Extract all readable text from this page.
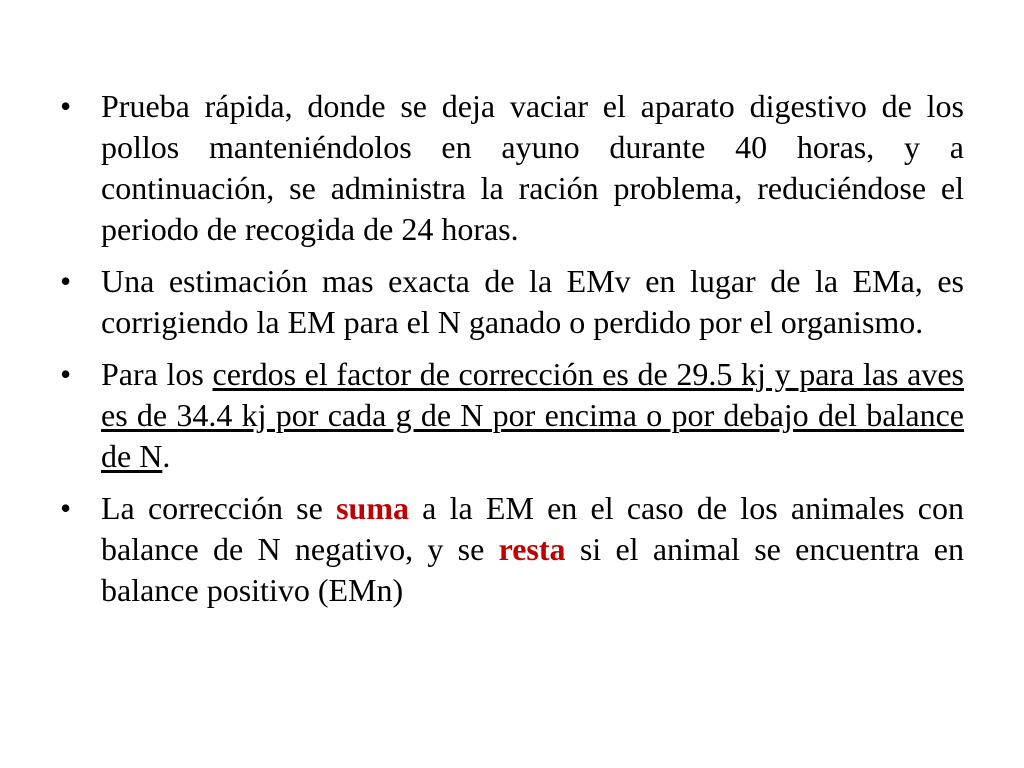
• Prueba rápida, donde se deja vaciar el aparato digestivo de los pollos manteniéndolos en ayuno durante 40 horas, y a continuación, se administra la ración problema, reduciéndose el periodo de recogida de 24 horas.
• Una estimación mas exacta de la EMv en lugar de la EMa, es corrigiendo la EM para el N ganado o perdido por el organismo.
• Para los cerdos el factor de corrección es de 29.5 kj y para las aves es de 34.4 kj por cada g de N por encima o por debajo del balance de N.
• La corrección se suma a la EM en el caso de los animales con balance de N negativo, y se resta si el animal se encuentra en balance positivo (EMn)
